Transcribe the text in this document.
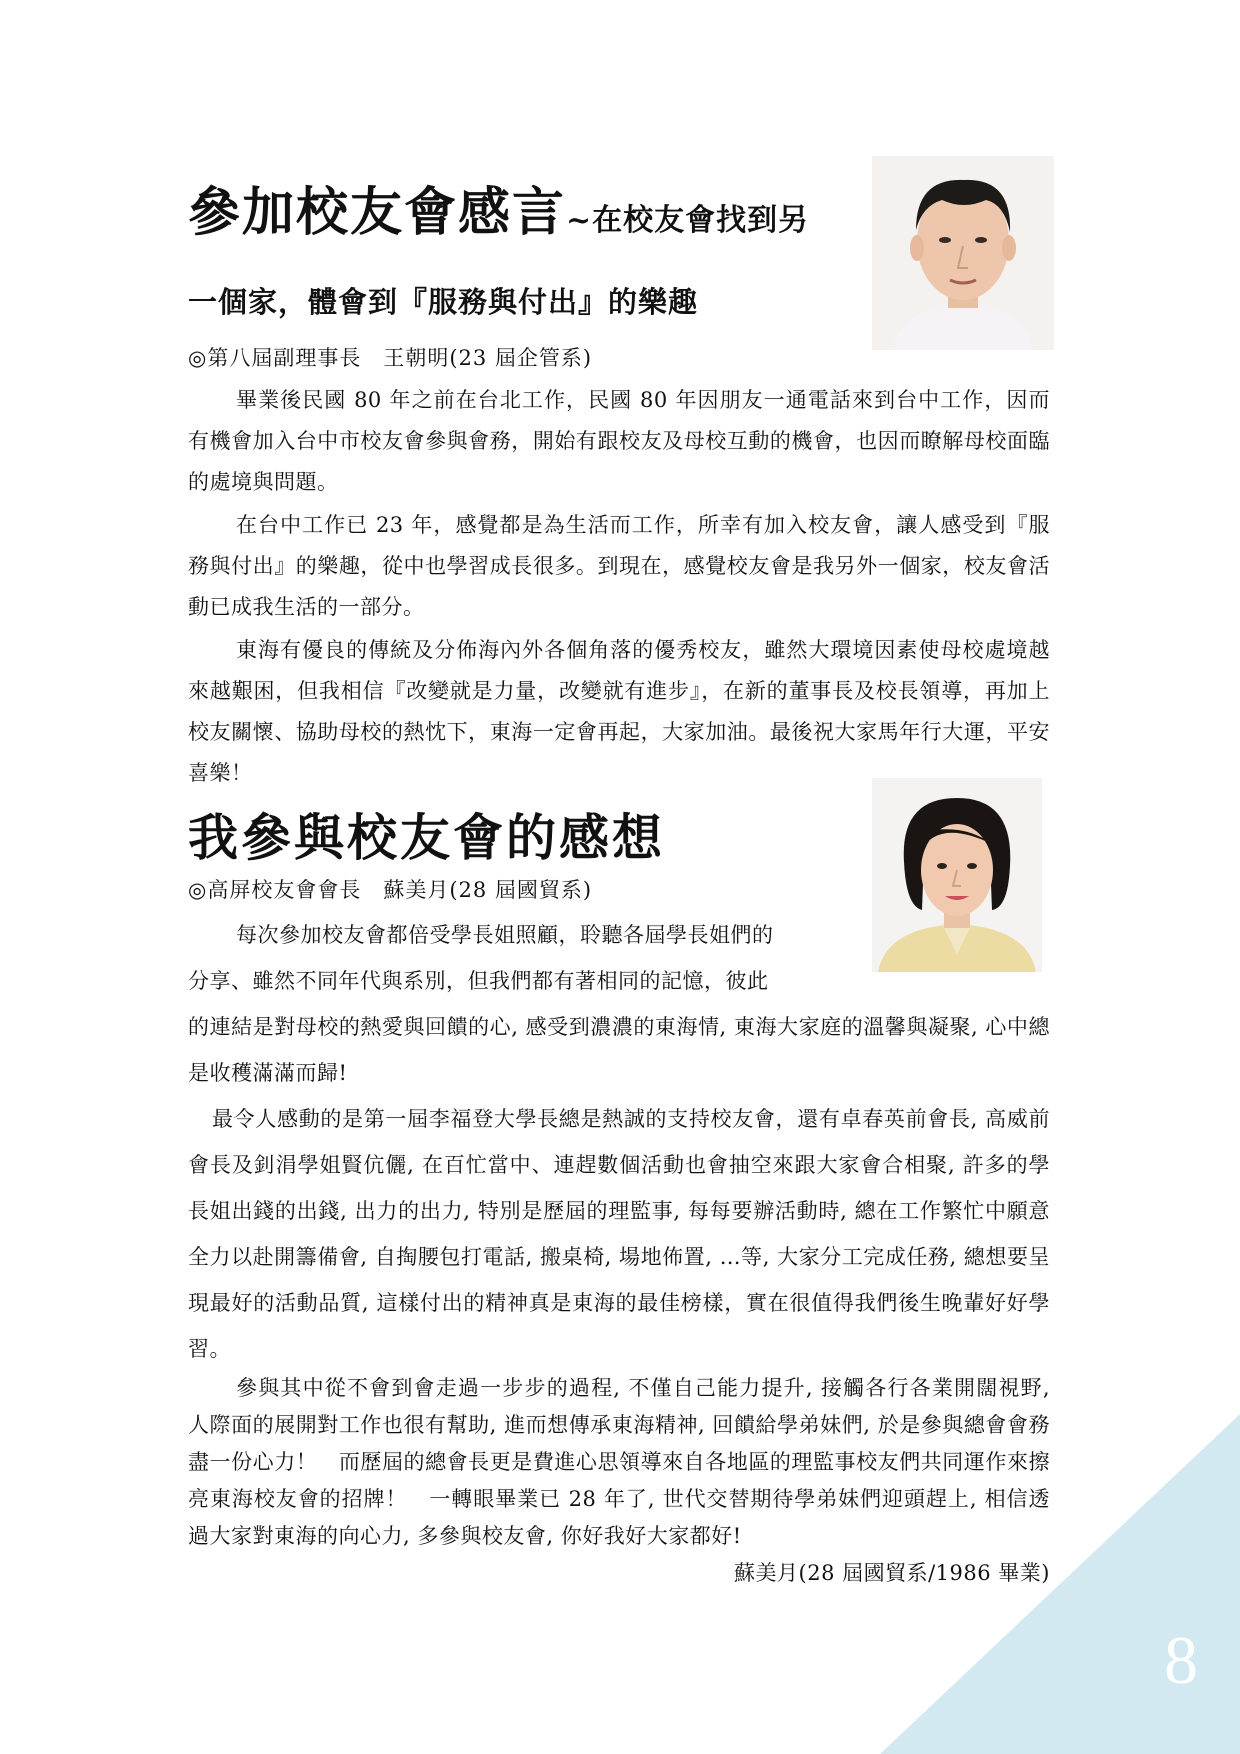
8
參加校友會感言~在校友會找到另
一個家，體會到『服務與付出』的樂趣

◎第八屆副理事長　王朝明(23 屆企管系)

畢業後民國 80 年之前在台北工作，民國 80 年因朋友一通電話來到台中工作，因而有機會加入台中市校友會參與會務，開始有跟校友及母校互動的機會，也因而瞭解母校面臨的處境與問題。

在台中工作已 23 年，感覺都是為生活而工作，所幸有加入校友會，讓人感受到『服務與付出』的樂趣，從中也學習成長很多。到現在，感覺校友會是我另外一個家，校友會活動已成我生活的一部分。

東海有優良的傳統及分佈海內外各個角落的優秀校友，雖然大環境因素使母校處境越來越艱困，但我相信『改變就是力量，改變就有進步』，在新的董事長及校長領導，再加上校友關懷、協助母校的熱忱下，東海一定會再起，大家加油。最後祝大家馬年行大運，平安喜樂！

我參與校友會的感想

◎高屏校友會會長　蘇美月(28 屆國貿系)

每次參加校友會都倍受學長姐照顧，聆聽各屆學長姐們的

分享、雖然不同年代與系別，但我們都有著相同的記憶，彼此

的連結是對母校的熱愛與回饋的心, 感受到濃濃的東海情, 東海大家庭的溫馨與凝聚, 心中總是收穫滿滿而歸!

最令人感動的是第一屆李福登大學長總是熱誠的支持校友會，還有卓春英前會長, 高威前會長及釗涓學姐賢伉儷, 在百忙當中、連趕數個活動也會抽空來跟大家會合相聚, 許多的學長姐出錢的出錢, 出力的出力, 特別是歷屆的理監事, 每每要辦活動時, 總在工作繁忙中願意全力以赴開籌備會, 自掏腰包打電話, 搬桌椅, 場地佈置, …等, 大家分工完成任務, 總想要呈現最好的活動品質, 這樣付出的精神真是東海的最佳榜樣，實在很值得我們後生晚輩好好學習。

參與其中從不會到會走過一步步的過程, 不僅自己能力提升, 接觸各行各業開闊視野, 人際面的展開對工作也很有幫助, 進而想傳承東海精神, 回饋給學弟妹們, 於是參與總會會務盡一份心力！　而歷屆的總會長更是費進心思領導來自各地區的理監事校友們共同運作來擦亮東海校友會的招牌！　一轉眼畢業已 28 年了, 世代交替期待學弟妹們迎頭趕上, 相信透過大家對東海的向心力, 多參與校友會, 你好我好大家都好!
蘇美月(28 屆國貿系/1986 畢業)
